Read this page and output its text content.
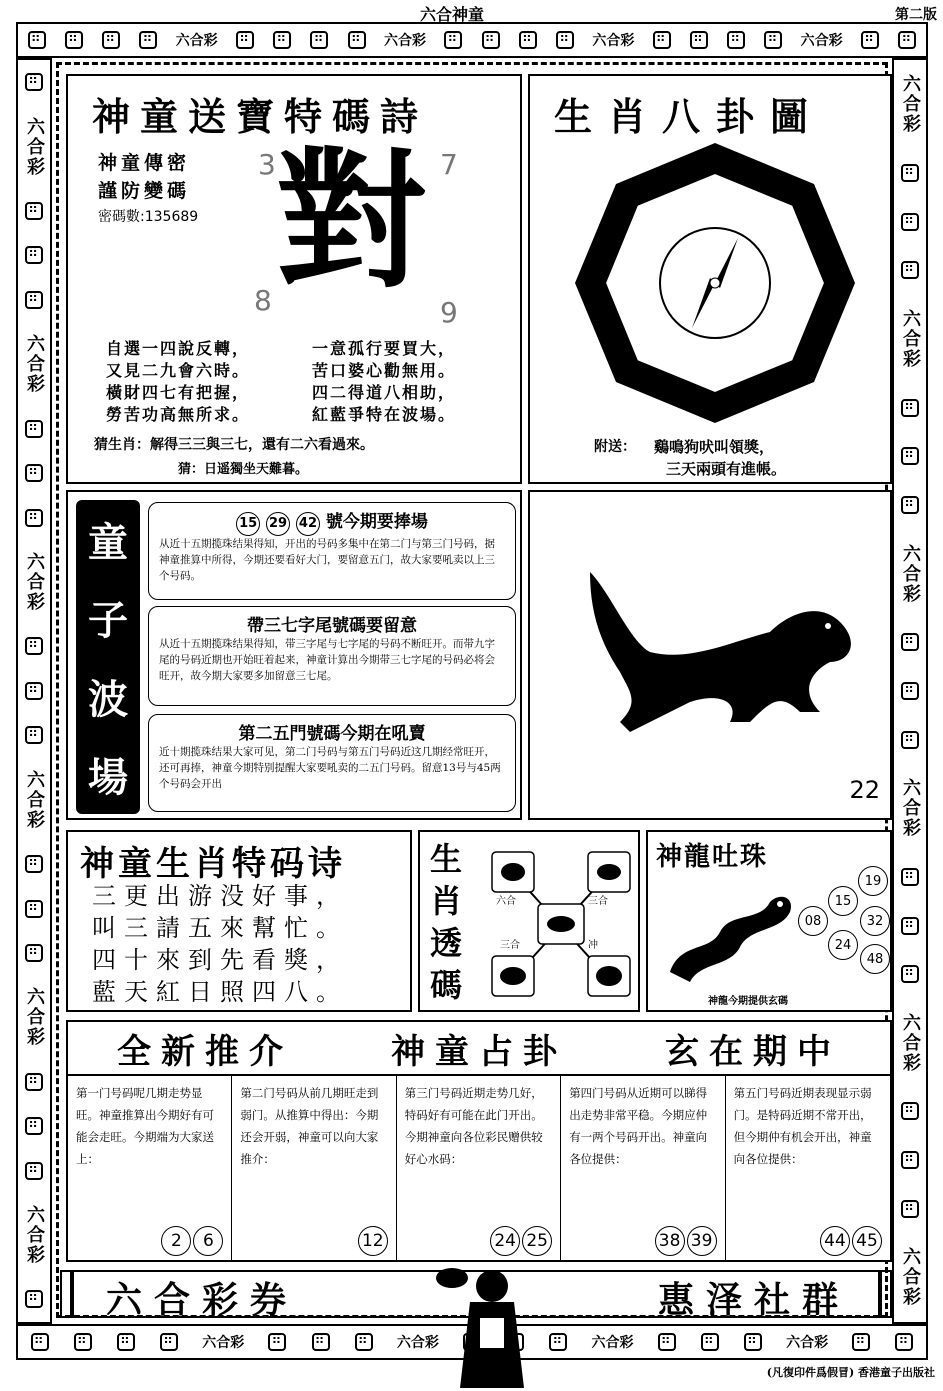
六合神童	第二版
⠿
⠿
⠿
⠿
六合彩 ⠿ ⠿ ⠿ ⠿	六合彩 ⠿ ⠿ ⠿ ⠿	六合彩 ⠿ ⠿ ⠿ ⠿	六合彩
⠿
⠿
⠿
六合彩
⠿
⠿
⠿
六合彩
⠿
⠿
⠿
六合彩
⠿
⠿
⠿
六合彩
⠿
⠿
⠿
六合彩
⠿
⠿
⠿
六合彩
⠿
六合彩
⠿
⠿
⠿
六合彩
⠿
⠿
⠿
六合彩
⠿
⠿
⠿
六合彩
⠿
⠿
⠿
六合彩
⠿
⠿
⠿
六合彩
⠿
⠿
⠿
⠿
六合彩 ⠿ ⠿ ⠿	六合彩 ⠿ ⠿ ⠿	六合彩 ⠿ ⠿ ⠿	六合彩
⠿
⠿
神童送寶特碼詩
神童傳密
謹防變碼
密碼數:135689
3	7
8	9
對
自選一四說反轉，
又見二九會六時。
橫財四七有把握，
勞苦功高無所求。
一意孤行要買大，
苦口婆心勸無用。
四二得道八相助，
紅藍爭特在波場。
猜生肖：解得三三與三七，還有二六看過來。
猜：日遥獨坐天難暮。
生肖八卦圖
附送： 鷄鳴狗吠叫領獎，
三天兩頭有進帳。
童
子
波
場
15 29 42 號今期要捧場

从近十五期揽珠结果得知，开出的号码多集中在第二门与第三门号码，据神童推算中所得，今期还要看好大门，要留意五门，故大家要吼卖以上三个号码。

帶三七字尾號碼要留意

从近十五期揽珠结果得知，带三字尾与七字尾的号码不断旺开。而带九字尾的号码近期也开始旺着起来，神童计算出今期带三七字尾的号码必将会旺开，故今期大家要多加留意三七尾。

第二五門號碼今期在吼賣

近十期揽珠结果大家可见，第二门号码与第五门号码近这几期经常旺开，还可再捧，神童今期特别提醒大家要吼卖的二五门号码。留意13号与45两个号码会开出	22
神童生肖特码诗
三更出游没好事，
叫三請五來幫忙。
四十來到先看獎，
藍天紅日照四八。
生
肖
透
碼
六合	三合
三合	冲
神龍吐珠
19
15
32
08
24
48
神龍今期提供玄碼
全新推介	神童占卦	玄在期中
第一门号码呢几期走势显旺。神童推算出今期好有可能会走旺。今期端为大家送上：
2	6
第二门号码从前几期旺走到弱门。从推算中得出：今期还会开弱，神童可以向大家推介：
12
第三门号码近期走势几好，特码好有可能在此门开出。今期神童向各位彩民赠供较好心水码：
24 25
第四门号码从近期可以睇得出走势非常平稳。今期应仲有一两个号码开出。神童向各位提供：
38 39
第五门号码近期表现显示弱门。是特码近期不常开出，但今期仲有机会开出，神童向各位提供：
44 45
六合彩券	惠泽社群
(凡復印件爲假冒) 香港童子出版社
